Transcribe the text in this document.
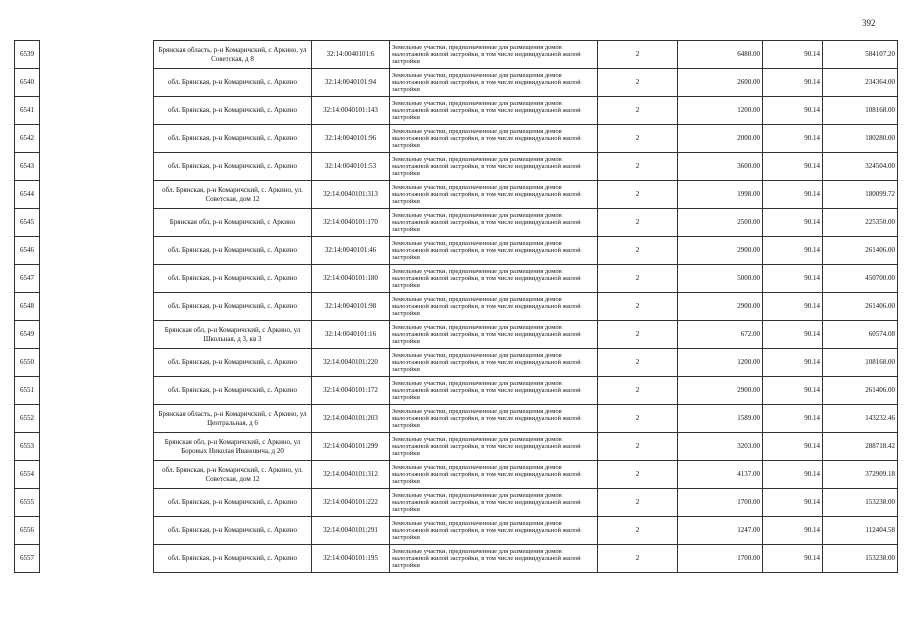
392
6539		Брянская область, р-н Комаричский, с Аркино, ул Советская, д 8	32:14:0040101:6	Земельные участки, предназначенные для размещения домов малоэтажной жилой застройки, в том числе индивидуальной жилой застройки	2	6480.00	90.14	584107.20
6540		обл. Брянская, р-н Комаричский, с. Аркино	32:14:0040101:94	Земельные участки, предназначенные для размещения домов малоэтажной жилой застройки, в том числе индивидуальной жилой застройки	2	2600.00	90.14	234364.00
6541		обл. Брянская, р-н Комаричский, с. Аркино	32:14:0040101:143	Земельные участки, предназначенные для размещения домов малоэтажной жилой застройки, в том числе индивидуальной жилой застройки	2	1200.00	90.14	108168.00
6542		обл. Брянская, р-н Комаричский, с. Аркино	32:14:0040101:96	Земельные участки, предназначенные для размещения домов малоэтажной жилой застройки, в том числе индивидуальной жилой застройки	2	2000.00	90.14	180280.00
6543		обл. Брянская, р-н Комаричский, с. Аркино	32:14:0040101:53	Земельные участки, предназначенные для размещения домов малоэтажной жилой застройки, в том числе индивидуальной жилой застройки	2	3600.00	90.14	324504.00
6544		обл. Брянская, р-н Комаричский, с. Аркино, ул. Советская, дом 12	32:14:0040101:313	Земельные участки, предназначенные для размещения домов малоэтажной жилой застройки, в том числе индивидуальной жилой застройки	2	1998.00	90.14	180099.72
6545		Брянская обл, р-н Комаричский, с Аркино	32:14:0040101:170	Земельные участки, предназначенные для размещения домов малоэтажной жилой застройки, в том числе индивидуальной жилой застройки	2	2500.00	90.14	225350.00
6546		обл. Брянская, р-н Комаричский, с. Аркино	32:14:0040101:46	Земельные участки, предназначенные для размещения домов малоэтажной жилой застройки, в том числе индивидуальной жилой застройки	2	2900.00	90.14	261406.00
6547		обл. Брянская, р-н Комаричский, с. Аркино	32:14:0040101:180	Земельные участки, предназначенные для размещения домов малоэтажной жилой застройки, в том числе индивидуальной жилой застройки	2	5000.00	90.14	450700.00
6548		обл. Брянская, р-н Комаричский, с. Аркино	32:14:0040101:98	Земельные участки, предназначенные для размещения домов малоэтажной жилой застройки, в том числе индивидуальной жилой застройки	2	2900.00	90.14	261406.00
6549		Брянская обл, р-н Комаричский, с Аркино, ул Школьная, д 3, кв 3	32:14:0040101:16	Земельные участки, предназначенные для размещения домов малоэтажной жилой застройки, в том числе индивидуальной жилой застройки	2	672.00	90.14	60574.08
6550		обл. Брянская, р-н Комаричский, с. Аркино	32:14:0040101:220	Земельные участки, предназначенные для размещения домов малоэтажной жилой застройки, в том числе индивидуальной жилой застройки	2	1200.00	90.14	108168.00
6551		обл. Брянская, р-н Комаричский, с. Аркино	32:14:0040101:172	Земельные участки, предназначенные для размещения домов малоэтажной жилой застройки, в том числе индивидуальной жилой застройки	2	2900.00	90.14	261406.00
6552		Брянская область, р-н Комаричский, с Аркино, ул Центральная, д 6	32:14:0040101:203	Земельные участки, предназначенные для размещения домов малоэтажной жилой застройки, в том числе индивидуальной жилой застройки	2	1589.00	90.14	143232.46
6553		Брянская обл, р-н Комаричский, с Аркино, ул Боровых Николая Ивановича, д 20	32:14:0040101:299	Земельные участки, предназначенные для размещения домов малоэтажной жилой застройки, в том числе индивидуальной жилой застройки	2	3203.00	90.14	288718.42
6554		обл. Брянская, р-н Комаричский, с. Аркино, ул. Советская, дом 12	32:14:0040101:312	Земельные участки, предназначенные для размещения домов малоэтажной жилой застройки, в том числе индивидуальной жилой застройки	2	4137.00	90.14	372909.18
6555		обл. Брянская, р-н Комаричский, с. Аркино	32:14:0040101:222	Земельные участки, предназначенные для размещения домов малоэтажной жилой застройки, в том числе индивидуальной жилой застройки	2	1700.00	90.14	153238.00
6556		обл. Брянская, р-н Комаричский, с. Аркино	32:14:0040101:291	Земельные участки, предназначенные для размещения домов малоэтажной жилой застройки, в том числе индивидуальной жилой застройки	2	1247.00	90.14	112404.58
6557		обл. Брянская, р-н Комаричский, с. Аркино	32:14:0040101:195	Земельные участки, предназначенные для размещения домов малоэтажной жилой застройки, в том числе индивидуальной жилой застройки	2	1700.00	90.14	153238.00
